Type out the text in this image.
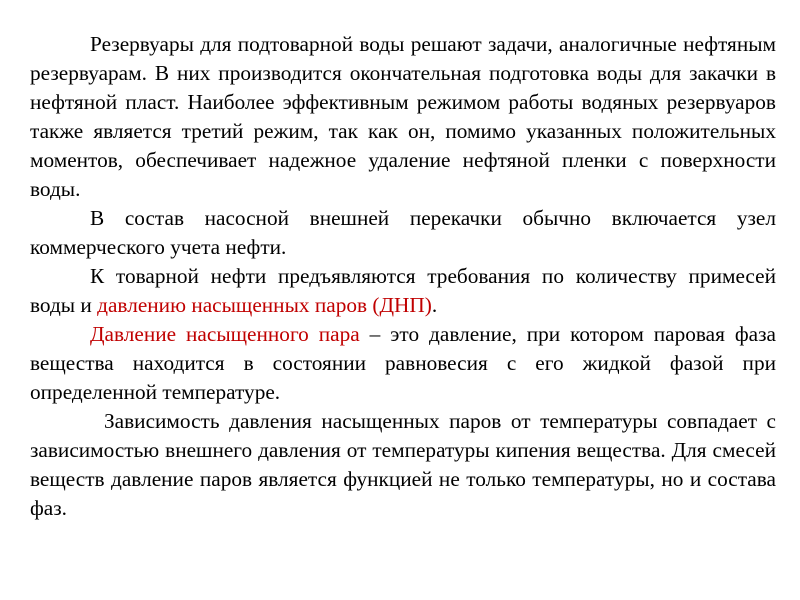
Резервуары для подтоварной воды решают задачи, аналогичные нефтяным резервуарам. В них производится окончательная подготовка воды для закачки в нефтяной пласт. Наиболее эффективным режимом работы водяных резервуаров также является третий режим, так как он, помимо указанных положительных моментов, обеспечивает надежное удаление нефтяной пленки с поверхности воды.

В состав насосной внешней перекачки обычно включается узел коммерческого учета нефти.

К товарной нефти предъявляются требования по количеству примесей воды и давлению насыщенных паров (ДНП).

Давление насыщенного пара – это давление, при котором паровая фаза вещества находится в состоянии равновесия с его жидкой фазой при определенной температуре.

Зависимость давления насыщенных паров от температуры совпадает с зависимостью внешнего давления от температуры кипения вещества. Для смесей веществ давление паров является функцией не только температуры, но и состава фаз.
